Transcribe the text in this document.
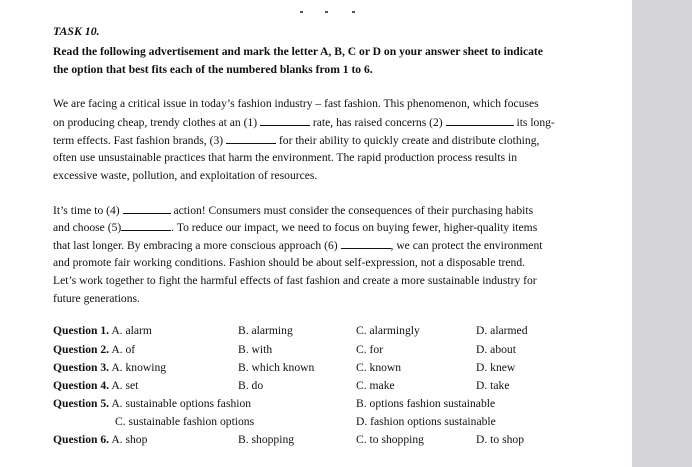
TASK 10.
Read the following advertisement and mark the letter A, B, C or D on your answer sheet to indicate
the option that best fits each of the numbered blanks from 1 to 6.
We are facing a critical issue in today’s fashion industry – fast fashion. This phenomenon, which focuses
on producing cheap, trendy clothes at an (1)	rate, has raised concerns (2)	its long-
term effects. Fast fashion brands, (3)	for their ability to quickly create and distribute clothing,
often use unsustainable practices that harm the environment. The rapid production process results in
excessive waste, pollution, and exploitation of resources.
It’s time to (4)	action! Consumers must consider the consequences of their purchasing habits
and choose (5)	. To reduce our impact, we need to focus on buying fewer, higher-quality items
that last longer. By embracing a more conscious approach (6)	, we can protect the environment
and promote fair working conditions. Fashion should be about self-expression, not a disposable trend.
Let’s work together to fight the harmful effects of fast fashion and create a more sustainable industry for
future generations.
Question 1. A. alarm	B. alarming	C. alarmingly	D. alarmed
Question 2. A. of	B. with	C. for	D. about
Question 3. A. knowing	B. which known	C. known	D. knew
Question 4. A. set	B. do	C. make	D. take
Question 5. A. sustainable options fashion	B. options fashion sustainable
C. sustainable fashion options	D. fashion options sustainable
Question 6. A. shop	B. shopping	C. to shopping	D. to shop
